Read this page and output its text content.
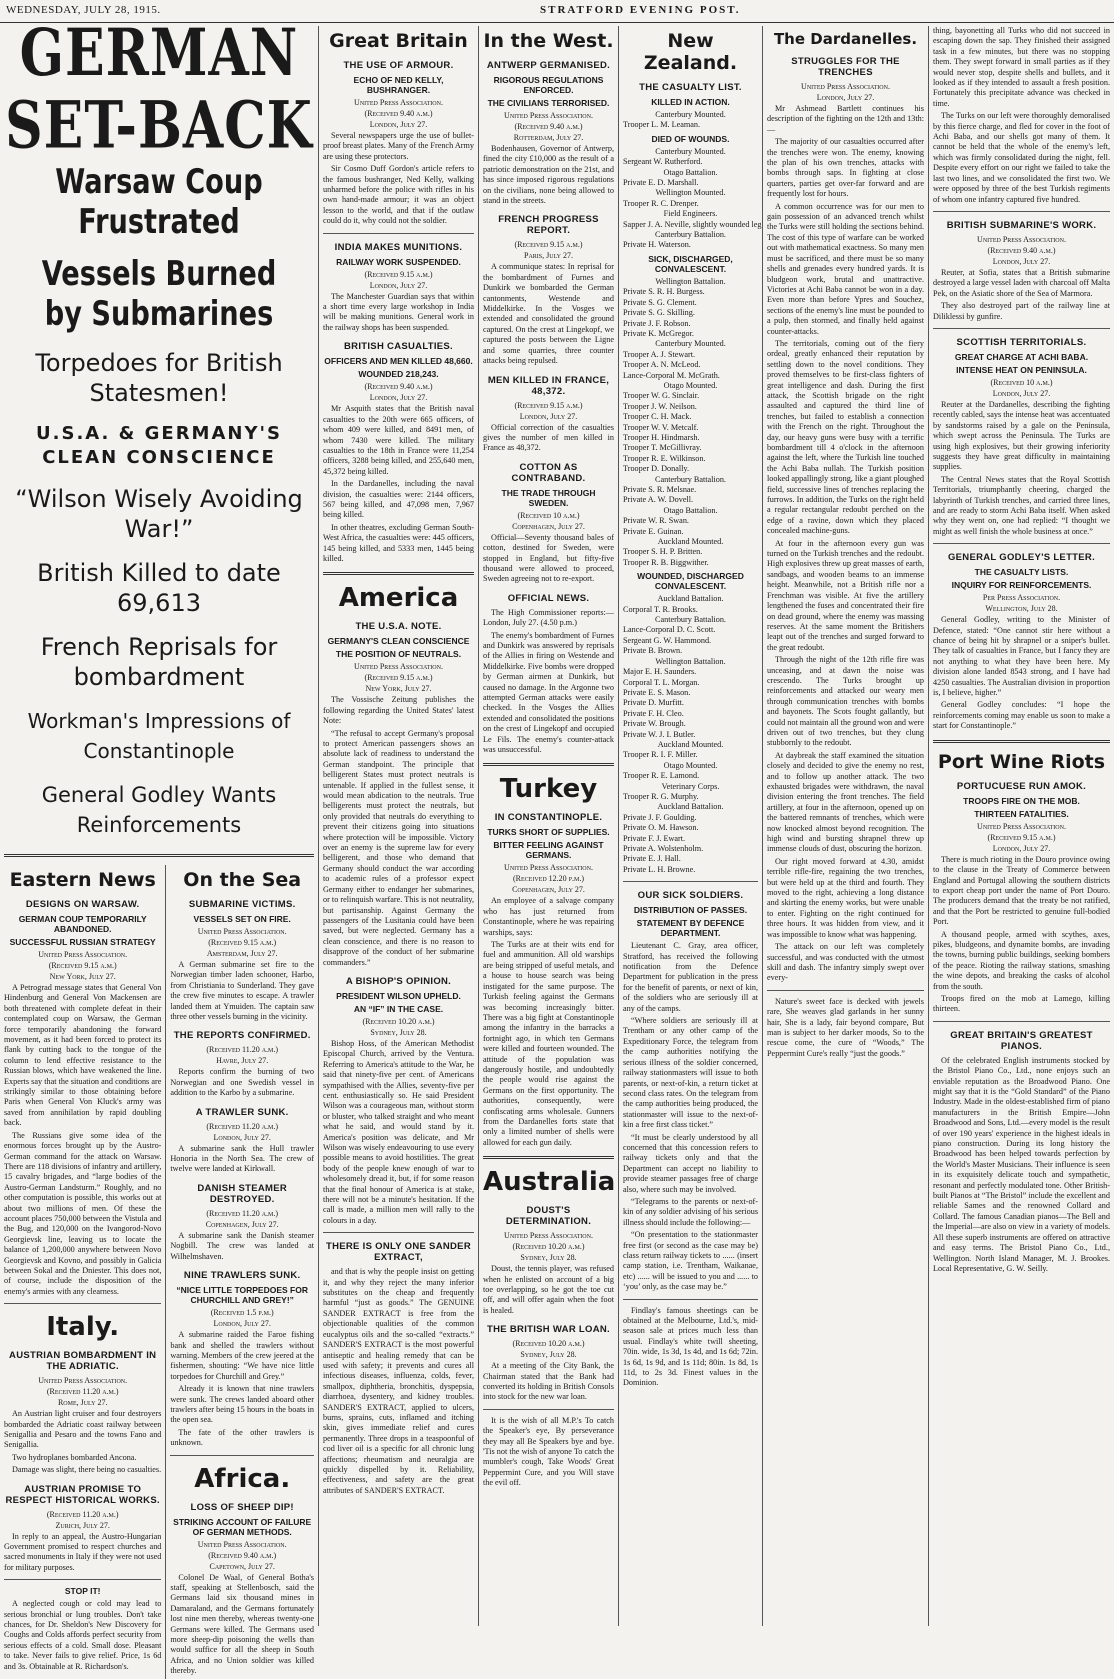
WEDNESDAY, JULY 28, 1915.	STRATFORD EVENING POST.
GERMAN SET-BACK
Warsaw Coup Frustrated
Vessels Burned by Submarines
Torpedoes for British Statesmen!
U.S.A. & GERMANY'S CLEAN CONSCIENCE
“Wilson Wisely Avoiding War!”
British Killed to date 69,613
French Reprisals for bombardment
Workman's Impressions of Constantinople
General Godley Wants Reinforcements
Eastern News
DESIGNS ON WARSAW.
GERMAN COUP TEMPORARILY ABANDONED.
SUCCESSFUL RUSSIAN STRATEGY
United Press Association.
(Received 9.15 a.m.)
New York, July 27.

A Petrograd message states that General Von Hindenburg and General Von Mackensen are both threatened with complete defeat in their contemplated coup on Warsaw, the German force temporarily abandoning the forward movement, as it had been forced to protect its flank by cutting back to the tongue of the column to lend effective resistance to the Russian blows, which have weakened the line. Experts say that the situation and conditions are strikingly similar to those obtaining before Paris when General Von Kluck's army was saved from annihilation by rapid doubling back.

The Russians give some idea of the enormous forces brought up by the Austro-German command for the attack on Warsaw. There are 118 divisions of infantry and artillery, 15 cavalry brigades, and “large bodies of the Austro-German Landsturm.” Roughly, and no other computation is possible, this works out at about two millions of men. Of these the account places 750,000 between the Vistula and the Bug, and 120,000 on the Ivangorod-Novo Georgievsk line, leaving us to locate the balance of 1,200,000 anywhere between Novo Georgievsk and Kovno, and possibly in Galicia between Sokal and the Dniester. This does not, of course, include the disposition of the enemy's armies with any clearness.

Italy.
AUSTRIAN BOMBARDMENT IN THE ADRIATIC.
United Press Association.
(Received 11.20 a.m.)
Rome, July 27.

An Austrian light cruiser and four destroyers bombarded the Adriatic coast railway between Senigallia and Pesaro and the towns Fano and Senigallia.

Two hydroplanes bombarded Ancona.

Damage was slight, there being no casualties.

AUSTRIAN PROMISE TO RESPECT HISTORICAL WORKS.
(Received 11.20 a.m.)
Zurich, July 27.

In reply to an appeal, the Austro-Hungarian Government promised to respect churches and sacred monuments in Italy if they were not used for military purposes.

STOP IT!

A neglected cough or cold may lead to serious bronchial or lung troubles. Don't take chances, for Dr. Sheldon's New Discovery for Coughs and Colds affords perfect security from serious effects of a cold. Small dose. Pleasant to take. Never fails to give relief. Price, 1s 6d and 3s. Obtainable at R. Richardson's.

On the Sea
SUBMARINE VICTIMS.
VESSELS SET ON FIRE.
United Press Association.
(Received 9.15 a.m.)
Amsterdam, July 27.

A German submarine set fire to the Norwegian timber laden schooner, Harbo, from Christiania to Sunderland. They gave the crew five minutes to escape. A trawler landed them at Ymuiden. The captain saw three other vessels burning in the vicinity.

THE REPORTS CONFIRMED.
(Received 11.20 a.m.)
Havre, July 27.

Reports confirm the burning of two Norwegian and one Swedish vessel in addition to the Karbo by a submarine.

A TRAWLER SUNK.
(Received 11.20 a.m.)
London, July 27.

A submarine sank the Hull trawler Honoria in the North Sea. The crew of twelve were landed at Kirkwall.

DANISH STEAMER DESTROYED.
(Received 11.20 a.m.)
Copenhagen, July 27.

A submarine sank the Danish steamer Nogbill. The crew was landed at Wilhelmshaven.

NINE TRAWLERS SUNK.
“NICE LITTLE TORPEDOES FOR CHURCHILL AND GREY!”
(Received 1.5 p.m.)
London, July 27.

A submarine raided the Faroe fishing bank and shelled the trawlers without warning. Members of the crew jeered at the fishermen, shouting: “We have nice little torpedoes for Churchill and Grey.”

Already it is known that nine trawlers were sunk. The crews landed aboard other trawlers after being 15 hours in the boats in the open sea.

The fate of the other trawlers is unknown.

Africa.
LOSS OF SHEEP DIP!
STRIKING ACCOUNT OF FAILURE OF GERMAN METHODS.
United Press Association.
(Received 9.40 a.m.)
Capetown, July 27.

Colonel De Waal, of General Botha's staff, speaking at Stellenbosch, said the Germans laid six thousand mines in Damaraland, and the Germans fortunately lost nine men thereby, whereas twenty-one Germans were killed. The Germans used more sheep-dip poisoning the wells than would suffice for all the sheep in South Africa, and no Union soldier was killed thereby.

Great Britain
THE USE OF ARMOUR.
ECHO OF NED KELLY, BUSHRANGER.
United Press Association.
(Received 9.40 a.m.)
London, July 27.

Several newspapers urge the use of bullet-proof breast plates. Many of the French Army are using these protectors.

Sir Cosmo Duff Gordon's article refers to the famous bushranger, Ned Kelly, walking unharmed before the police with rifles in his own hand-made armour; it was an object lesson to the world, and that if the outlaw could do it, why could not the soldier.

INDIA MAKES MUNITIONS.
RAILWAY WORK SUSPENDED.
(Received 9.15 a.m.)
London, July 27.

The Manchester Guardian says that within a short time every large workshop in India will be making munitions. General work in the railway shops has been suspended.

BRITISH CASUALTIES.
OFFICERS AND MEN KILLED 48,660.
WOUNDED 218,243.
(Received 9.40 a.m.)
London, July 27.

Mr Asquith states that the British naval casualties to the 20th were 665 officers, of whom 409 were killed, and 8491 men, of whom 7430 were killed. The military casualties to the 18th in France were 11,254 officers, 3288 being killed, and 255,640 men, 45,372 being killed.

In the Dardanelles, including the naval division, the casualties were: 2144 officers, 567 being killed, and 47,098 men, 7,967 being killed.

In other theatres, excluding German South-West Africa, the casualties were: 445 officers, 145 being killed, and 5333 men, 1445 being killed.

America
THE U.S.A. NOTE.
GERMANY'S CLEAN CONSCIENCE
THE POSITION OF NEUTRALS.
United Press Association.
(Received 9.15 a.m.)
New York, July 27.

The Vossische Zeitung publishes the following regarding the United States' latest Note:

“The refusal to accept Germany's proposal to protect American passengers shows an absolute lack of readiness to understand the German standpoint. The principle that belligerent States must protect neutrals is untenable. If applied in the fullest sense, it would mean abdication to the neutrals. True belligerents must protect the neutrals, but only provided that neutrals do everything to prevent their citizens going into situations where protection will be impossible. Victory over an enemy is the supreme law for every belligerent, and those who demand that Germany should conduct the war according to academic rules of a professor expect Germany either to endanger her submarines, or to relinquish warfare. This is not neutrality, but partisanship. Against Germany the passengers of the Lusitania could have been saved, but were neglected. Germany has a clean conscience, and there is no reason to disapprove of the conduct of her submarine commanders.”

A BISHOP'S OPINION.
PRESIDENT WILSON UPHELD.
AN “IF” IN THE CASE.
(Received 10.20 a.m.)
Sydney, July 28.

Bishop Hoss, of the American Methodist Episcopal Church, arrived by the Ventura. Referring to America's attitude to the War, he said that ninety-five per cent. of Americans sympathised with the Allies, seventy-five per cent. enthusiastically so. He said President Wilson was a courageous man, without storm or bluster, who talked straight and who meant what he said, and would stand by it. America's position was delicate, and Mr Wilson was wisely endeavouring to use every possible means to avoid hostilities. The great body of the people knew enough of war to wholesomely dread it, but, if for some reason that the final honour of America is at stake, there will not be a minute's hesitation. If the call is made, a million men will rally to the colours in a day.

THERE IS ONLY ONE SANDER EXTRACT,

and that is why the people insist on getting it, and why they reject the many inferior substitutes on the cheap and frequently harmful “just as goods.” The GENUINE SANDER EXTRACT is free from the objectionable qualities of the common eucalyptus oils and the so-called “extracts.” SANDER'S EXTRACT is the most powerful antiseptic and healing remedy that can be used with safety; it prevents and cures all infectious diseases, influenza, colds, fever, smallpox, diphtheria, bronchitis, dyspepsia, diarrhoea, dysentery, and kidney troubles. SANDER'S EXTRACT, applied to ulcers, burns, sprains, cuts, inflamed and itching skin, gives immediate relief and cures permanently. Three drops in a teaspoonful of cod liver oil is a specific for all chronic lung affections; rheumatism and neuralgia are quickly dispelled by it. Reliability, effectiveness, and safety are the great attributes of SANDER'S EXTRACT.

In the West.
ANTWERP GERMANISED.
RIGOROUS REGULATIONS ENFORCED.
THE CIVILIANS TERRORISED.
United Press Association.
(Received 9.40 a.m.)
Rotterdam, July 27.

Bodenhausen, Governor of Antwerp, fined the city £10,000 as the result of a patriotic demonstration on the 21st, and has since imposed rigorous regulations on the civilians, none being allowed to stand in the streets.

FRENCH PROGRESS REPORT.
(Received 9.15 a.m.)
Paris, July 27.

A communique states: In reprisal for the bombardment of Furnes and Dunkirk we bombarded the German cantonments, Westende and Middelkirke. In the Vosges we extended and consolidated the ground captured. On the crest at Lingekopf, we captured the posts between the Ligne and some quarries, three counter attacks being repulsed.

MEN KILLED IN FRANCE, 48,372.
(Received 9.15 a.m.)
London, July 27.

Official correction of the casualties gives the number of men killed in France as 48,372.

COTTON AS CONTRABAND.
THE TRADE THROUGH SWEDEN.
(Received 10 a.m.)
Copenhagen, July 27.

Official—Seventy thousand bales of cotton, destined for Sweden, were stopped in England, but fifty-five thousand were allowed to proceed, Sweden agreeing not to re-export.

OFFICIAL NEWS.

The High Commissioner reports:—London, July 27. (4.50 p.m.)

The enemy's bombardment of Furnes and Dunkirk was answered by reprisals of the Allies in firing on Westende and Middelkirke. Five bombs were dropped by German airmen at Dunkirk, but caused no damage. In the Argonne two attempted German attacks were easily checked. In the Vosges the Allies extended and consolidated the positions on the crest of Lingekopf and occupied Le Fils. The enemy's counter-attack was unsuccessful.

Turkey
IN CONSTANTINOPLE.
TURKS SHORT OF SUPPLIES.
BITTER FEELING AGAINST GERMANS.
United Press Association.
(Received 12.20 p.m.)
Copenhagen, July 27.

An employee of a salvage company who has just returned from Constantinople, where he was repairing warships, says:

The Turks are at their wits end for fuel and ammunition. All old warships are being stripped of useful metals, and a house to house search was being instigated for the same purpose. The Turkish feeling against the Germans was becoming increasingly bitter. There was a big fight at Constantinople among the infantry in the barracks a fortnight ago, in which ten Germans were killed and fourteen wounded. The attitude of the population was dangerously hostile, and undoubtedly the people would rise against the Germans on the first opportunity. The authorities, consequently, were confiscating arms wholesale. Gunners from the Dardanelles forts state that only a limited number of shells were allowed for each gun daily.

Australia
DOUST'S DETERMINATION.
United Press Association.
(Received 10.20 a.m.)
Sydney, July 28.

Doust, the tennis player, was refused when he enlisted on account of a big toe overlapping, so he got the toe cut off, and will offer again when the foot is healed.

THE BRITISH WAR LOAN.
(Received 10.20 a.m.)
Sydney, July 28.

At a meeting of the City Bank, the Chairman stated that the Bank had converted its holding in British Consols into stock for the new war loan.

It is the wish of all M.P.'s To catch the Speaker's eye, By perseverance they may all Be Speakers bye and bye. 'Tis not the wish of anyone To catch the mumbler's cough, Take Woods' Great Peppermint Cure, and you Will stave the evil off.

New Zealand.
THE CASUALTY LIST.
KILLED IN ACTION.
Canterbury Mounted.
Trooper L. M. Leaman.
DIED OF WOUNDS.
Canterbury Mounted.
Sergeant W. Rutherford.
Otago Battalion.
Private E. D. Marshall.
Wellington Mounted.
Trooper R. C. Drenper.
Field Engineers.
Sapper J. A. Neville, slightly wounded leg.
Canterbury Battalion.
Private H. Waterson.
SICK, DISCHARGED, CONVALESCENT.
Wellington Battalion.
Private S. R. H. Burgess.
Private S. G. Clement.
Private S. G. Skilling.
Private J. F. Robson.
Private K. McGregor.
Canterbury Mounted.
Trooper A. J. Stewart.
Trooper A. N. McLeod.
Lance-Corporal M. McGrath.
Otago Mounted.
Trooper W. G. Sinclair.
Trooper J. W. Neilson.
Trooper C. H. Mack.
Trooper W. V. Metcalf.
Trooper H. Hindmarsh.
Trooper T. McGillivray.
Trooper R. E. Wilkinson.
Trooper D. Donally.
Canterbury Battalion.
Private S. R. Melsnae.
Private A. W. Dovell.
Otago Battalion.
Private W. R. Swan.
Private E. Guinan.
Auckland Mounted.
Trooper S. H. P. Britten.
Trooper R. B. Biggwither.
WOUNDED, DISCHARGED CONVALESCENT.
Auckland Battalion.
Corporal T. R. Brooks.
Canterbury Battalion.
Lance-Corporal D. C. Scott.
Sergeant G. W. Hammond.
Private B. Brown.
Wellington Battalion.
Major E. H. Saunders.
Corporal T. L. Morgan.
Private E. S. Mason.
Private D. Murfitt.
Private F. H. Cleo.
Private W. Brough.
Private W. J. I. Butler.
Auckland Mounted.
Trooper R. I. F. Miller.
Otago Mounted.
Trooper R. E. Lamond.
Veterinary Corps.
Trooper R. G. Murphy.
Auckland Battalion.
Private J. F. Goulding.
Private O. M. Hawson.
Private F. J. Ewart.
Private A. Wolstenholm.
Private E. J. Hall.
Private L. H. Browne.
OUR SICK SOLDIERS.
DISTRIBUTION OF PASSES.
STATEMENT BY DEFENCE DEPARTMENT.

Lieutenant C. Gray, area officer, Stratford, has received the following notification from the Defence Department for publication in the press for the benefit of parents, or next of kin, of the soldiers who are seriously ill at any of the camps.

“Where soldiers are seriously ill at Trentham or any other camp of the Expeditionary Force, the telegram from the camp authorities notifying the serious illness of the soldier concerned, railway stationmasters will issue to both parents, or next-of-kin, a return ticket at second class rates. On the telegram from the camp authorities being produced, the stationmaster will issue to the next-of-kin a free first class ticket.”

“It must be clearly understood by all concerned that this concession refers to railway tickets only and that the Department can accept no liability to provide steamer passages free of charge also, where such may be involved.

“Telegrams to the parents or next-of-kin of any soldier advising of his serious illness should include the following:—

“On presentation to the stationmaster free first (or second as the case may be) class return railway tickets to ...... (insert camp station, i.e. Trentham, Waikanae, etc) ...... will be issued to you and ...... to ‘you’ only, as the case may be.”

Findlay's famous sheetings can be obtained at the Melbourne, Ltd.'s, mid-season sale at prices much less than usual. Findlay's white twill sheeting, 70in. wide, 1s 3d, 1s 4d, and 1s 6d; 72in. 1s 6d, 1s 9d, and 1s 11d; 80in. 1s 8d, 1s 11d, to 2s 3d. Finest values in the Dominion.

The Dardanelles.
STRUGGLES FOR THE TRENCHES
United Press Association.
London, July 27.

Mr Ashmead Bartlett continues his description of the fighting on the 12th and 13th:—

The majority of our casualties occurred after the trenches were won. The enemy, knowing the plan of his own trenches, attacks with bombs through saps. In fighting at close quarters, parties get over-far forward and are frequently lost for hours.

A common occurrence was for our men to gain possession of an advanced trench whilst the Turks were still holding the sections behind. The cost of this type of warfare can be worked out with mathematical exactness. So many men must be sacrificed, and there must be so many shells and grenades every hundred yards. It is bludgeon work, brutal and unattractive. Victories at Achi Baba cannot be won in a day. Even more than before Ypres and Souchez, sections of the enemy's line must be pounded to a pulp, then stormed, and finally held against counter-attacks.

The territorials, coming out of the fiery ordeal, greatly enhanced their reputation by settling down to the novel conditions. They proved themselves to be first-class fighters of great intelligence and dash. During the first attack, the Scottish brigade on the right assaulted and captured the third line of trenches, but failed to establish a connection with the French on the right. Throughout the day, our heavy guns were busy with a terrific bombardment till 4 o'clock in the afternoon against the left, where the Turkish line touched the Achi Baba nullah. The Turkish position looked appallingly strong, like a giant ploughed field, successive lines of trenches replacing the furrows. In addition, the Turks on the right held a regular rectangular redoubt perched on the edge of a ravine, down which they placed concealed machine-guns.

At four in the afternoon every gun was turned on the Turkish trenches and the redoubt. High explosives threw up great masses of earth, sandbags, and wooden beams to an immense height. Meanwhile, not a British rifle nor a Frenchman was visible. At five the artillery lengthened the fuses and concentrated their fire on dead ground, where the enemy was massing reserves. At the same moment the Britishers leapt out of the trenches and surged forward to the great redoubt.

Through the night of the 12th rifle fire was unceasing, and at dawn the noise was crescendo. The Turks brought up reinforcements and attacked our weary men through communication trenches with bombs and bayonets. The Scots fought gallantly, but could not maintain all the ground won and were driven out of two trenches, but they clung stubbornly to the redoubt.

At daybreak the staff examined the situation closely and decided to give the enemy no rest, and to follow up another attack. The two exhausted brigades were withdrawn, the naval division entering the front trenches. The field artillery, at four in the afternoon, opened up on the battered remnants of trenches, which were now knocked almost beyond recognition. The high wind and bursting shrapnel threw up immense clouds of dust, obscuring the horizon.

Our right moved forward at 4.30, amidst terrible rifle-fire, regaining the two trenches, but were held up at the third and fourth. They moved to the right, achieving a long distance and skirting the enemy works, but were unable to enter. Fighting on the right continued for three hours. It was hidden from view, and it was impossible to know what was happening.

The attack on our left was completely successful, and was conducted with the utmost skill and dash. The infantry simply swept over every-

Nature's sweet face is decked with jewels rare, She weaves glad garlands in her sunny hair, She is a lady, fair beyond compare, But man is subject to her darker moods, So to the rescue come, the cure of “Woods,” The Peppermint Cure's really “just the goods.”

thing, bayonetting all Turks who did not succeed in escaping down the sap. They finished their assigned task in a few minutes, but there was no stopping them. They swept forward in small parties as if they would never stop, despite shells and bullets, and it looked as if they intended to assault a fresh position. Fortunately this precipitate advance was checked in time.

The Turks on our left were thoroughly demoralised by this fierce charge, and fled for cover in the foot of Achi Baba, and our shells got many of them. It cannot be held that the whole of the enemy's left, which was firmly consolidated during the night, fell. Despite every effort on our right we failed to take the last two lines, and we consolidated the first two. We were opposed by three of the best Turkish regiments of whom one infantry captured five hundred.

BRITISH SUBMARINE'S WORK.
United Press Association.
(Received 9.40 a.m.)
London, July 27.

Reuter, at Sofia, states that a British submarine destroyed a large vessel laden with charcoal off Malta Pek, on the Asiatic shore of the Sea of Marmora.

They also destroyed part of the railway line at Diliklessi by gunfire.

SCOTTISH TERRITORIALS.
GREAT CHARGE AT ACHI BABA.
INTENSE HEAT ON PENINSULA.
(Received 10 a.m.)
London, July 27.

Reuter at the Dardanelles, describing the fighting recently cabled, says the intense heat was accentuated by sandstorms raised by a gale on the Peninsula, which swept across the Peninsula. The Turks are using high explosives, but their growing inferiority suggests they have great difficulty in maintaining supplies.

The Central News states that the Royal Scottish Territorials, triumphantly cheering, charged the labyrinth of Turkish trenches, and carried three lines, and are ready to storm Achi Baba itself. When asked why they went on, one had replied: “I thought we might as well finish the whole business at once.”

GENERAL GODLEY'S LETTER.
THE CASUALTY LISTS.
INQUIRY FOR REINFORCEMENTS.
Per Press Association.
Wellington, July 28.

General Godley, writing to the Minister of Defence, stated: “One cannot stir here without a chance of being hit by shrapnel or a sniper's bullet. They talk of casualties in France, but I fancy they are not anything to what they have been here. My division alone landed 8543 strong, and I have had 4250 casualties. The Australian division in proportion is, I believe, higher.”

General Godley concludes: “I hope the reinforcements coming may enable us soon to make a start for Constantinople.”

Port Wine Riots
PORTUCUESE RUN AMOK.
TROOPS FIRE ON THE MOB.
THIRTEEN FATALITIES.
United Press Association.
(Received 9.15 a.m.)
London, July 27.

There is much rioting in the Douro province owing to the clause in the Treaty of Commerce between England and Portugal allowing the southern districts to export cheap port under the name of Port Douro. The producers demand that the treaty be not ratified, and that the Port be restricted to genuine full-bodied Port.

A thousand people, armed with scythes, axes, pikes, bludgeons, and dynamite bombs, are invading the towns, burning public buildings, seeking bombers of the peace. Rioting the railway stations, smashing the wine depots, and breaking the casks of alcohol from the south.

Troops fired on the mob at Lamego, killing thirteen.

GREAT BRITAIN'S GREATEST PIANOS.

Of the celebrated English instruments stocked by the Bristol Piano Co., Ltd., none enjoys such an enviable reputation as the Broadwood Piano. One might say that it is the “Gold Standard” of the Piano Industry. Made in the oldest-established firm of piano manufacturers in the British Empire—John Broadwood and Sons, Ltd.—every model is the result of over 190 years' experience in the highest ideals in piano construction. During its long history the Broadwood has been helped towards perfection by the World's Master Musicians. Their influence is seen in its exquisitely delicate touch and sympathetic, resonant and perfectly modulated tone. Other British-built Pianos at “The Bristol” include the excellent and reliable Sames and the renowned Collard and Collard. The famous Canadian pianos—The Bell and the Imperial—are also on view in a variety of models. All these superb instruments are offered on attractive and easy terms. The Bristol Piano Co., Ltd., Wellington. North Island Manager, M. J. Brookes. Local Representative, G. W. Seilly.
